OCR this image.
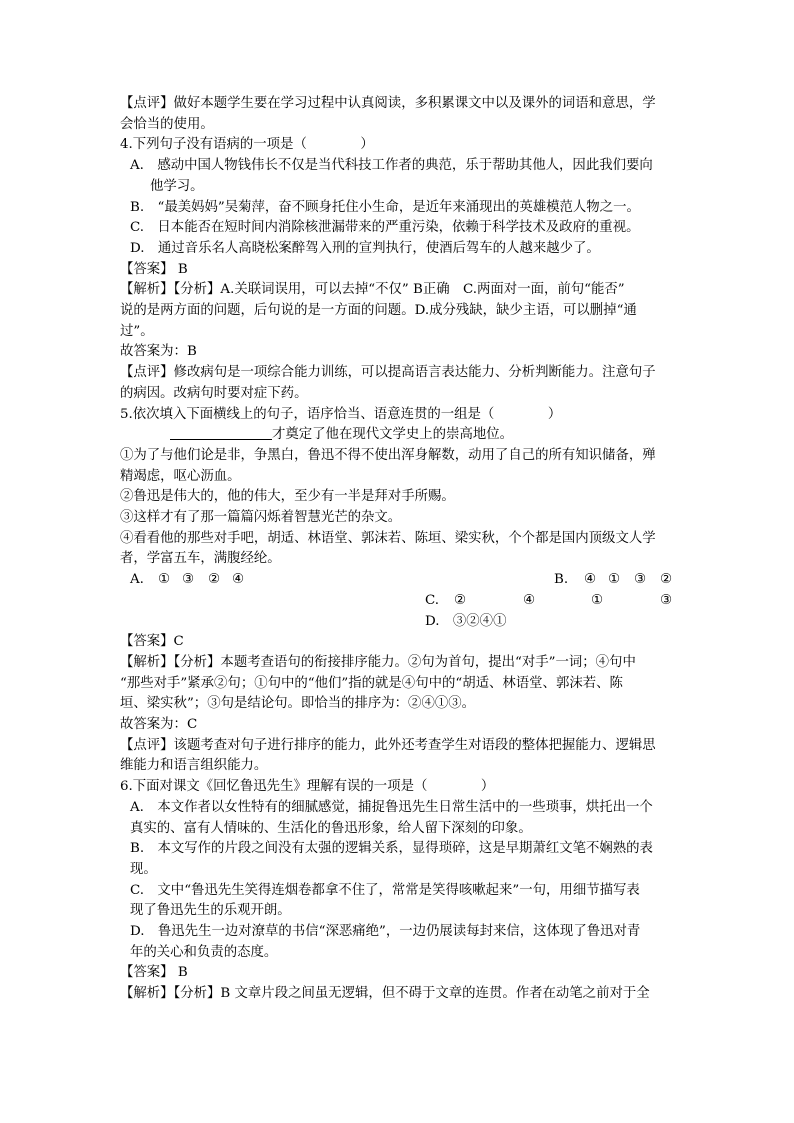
【点评】做好本题学生要在学习过程中认真阅读，多积累课文中以及课外的词语和意思，学

会恰当的使用。

4.下列句子没有语病的一项是（　　　　）

A.　感动中国人物钱伟长不仅是当代科技工作者的典范，乐于帮助其他人，因此我们要向

他学习。

B.　“最美妈妈”吴菊萍，奋不顾身托住小生命，是近年来涌现出的英雄模范人物之一。

C.　日本能否在短时间内消除核泄漏带来的严重污染，依赖于科学技术及政府的重视。

D.　通过音乐名人高晓松案醉驾入刑的宣判执行，使酒后驾车的人越来越少了。

【答案】 B

【解析】【分析】A.关联词误用，可以去掉“不仅” B正确　C.两面对一面，前句“能否”

说的是两方面的问题，后句说的是一方面的问题。D.成分残缺，缺少主语，可以删掉“通

过”。

故答案为：B

【点评】修改病句是一项综合能力训练，可以提高语言表达能力、分析判断能力。注意句子

的病因。改病句时要对症下药。

5.依次填入下面横线上的句子，语序恰当、语意连贯的一组是（　　　　）

才奠定了他在现代文学史上的崇高地位。

①为了与他们论是非，争黑白，鲁迅不得不使出浑身解数，动用了自己的所有知识储备，殚

精竭虑，呕心沥血。

②鲁迅是伟大的，他的伟大，至少有一半是拜对手所赐。

③这样才有了那一篇篇闪烁着智慧光芒的杂文。

④看看他的那些对手吧，胡适、林语堂、郭沫若、陈垣、梁实秋，个个都是国内顶级文人学

者，学富五车，满腹经纶。

A. ① ③ ② ④	B. ④ ① ③ ②
C. ②	④	①	③
D.　③②④①

【答案】C

【解析】【分析】本题考查语句的衔接排序能力。②句为首句，提出“对手”一词；④句中

“那些对手”紧承②句；①句中的“他们”指的就是④句中的“胡适、林语堂、郭沫若、陈

垣、梁实秋”；③句是结论句。即恰当的排序为：②④①③。

故答案为：C

【点评】该题考查对句子进行排序的能力，此外还考查学生对语段的整体把握能力、逻辑思

维能力和语言组织能力。

6.下面对课文《回忆鲁迅先生》理解有误的一项是（　　　　）

A.　本文作者以女性特有的细腻感觉，捕捉鲁迅先生日常生活中的一些琐事，烘托出一个

真实的、富有人情味的、生活化的鲁迅形象，给人留下深刻的印象。

B.　本文写作的片段之间没有太强的逻辑关系，显得琐碎，这是早期萧红文笔不娴熟的表

现。

C.　文中“鲁迅先生笑得连烟卷都拿不住了，常常是笑得咳嗽起来”一句，用细节描写表

现了鲁迅先生的乐观开朗。

D.　鲁迅先生一边对潦草的书信“深恶痛绝”，一边仍展读每封来信，这体现了鲁迅对青

年的关心和负责的态度。

【答案】 B

【解析】【分析】B 文章片段之间虽无逻辑，但不碍于文章的连贯。作者在动笔之前对于全
